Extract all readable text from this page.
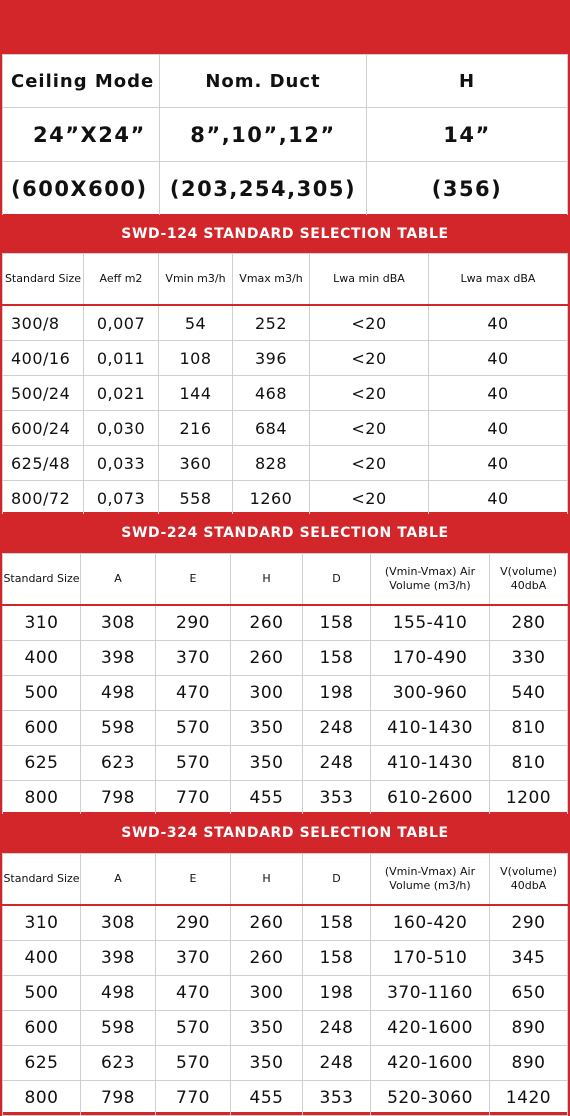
Ceiling Mode	Nom. Duct	H
24”X24”	8”,10”,12”	14”
(600X600)	(203,254,305)	(356)
SWD-124 STANDARD SELECTION TABLE
Standard Size	Aeff m2	Vmin m3/h	Vmax m3/h	Lwa min dBA	Lwa max dBA
300/8	0,007	54	252	<20	40
400/16	0,011	108	396	<20	40
500/24	0,021	144	468	<20	40
600/24	0,030	216	684	<20	40
625/48	0,033	360	828	<20	40
800/72	0,073	558	1260	<20	40
SWD-224 STANDARD SELECTION TABLE
Standard Size	A	E	H	D	(Vmin-Vmax) Air Volume (m3/h)	V(volume) 40dbA
310	308	290	260	158	155-410	280
400	398	370	260	158	170-490	330
500	498	470	300	198	300-960	540
600	598	570	350	248	410-1430	810
625	623	570	350	248	410-1430	810
800	798	770	455	353	610-2600	1200
SWD-324 STANDARD SELECTION TABLE
Standard Size	A	E	H	D	(Vmin-Vmax) Air Volume (m3/h)	V(volume) 40dbA
310	308	290	260	158	160-420	290
400	398	370	260	158	170-510	345
500	498	470	300	198	370-1160	650
600	598	570	350	248	420-1600	890
625	623	570	350	248	420-1600	890
800	798	770	455	353	520-3060	1420
